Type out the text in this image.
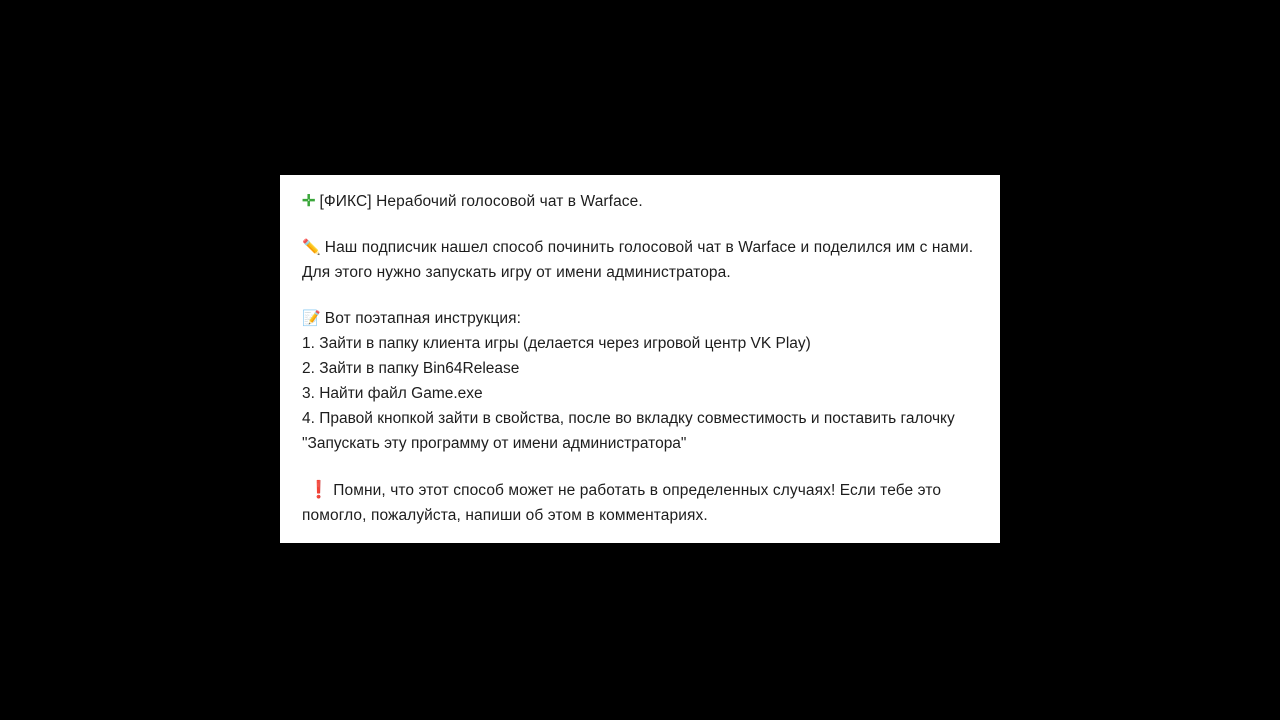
✛ [ФИКС] Нерабочий голосовой чат в Warface.

✏️ Наш подписчик нашел способ починить голосовой чат в Warface и поделился им с нами. Для этого нужно запускать игру от имени администратора.

📝 Вот поэтапная инструкция:

1. Зайти в папку клиента игры (делается через игровой центр VK Play)
2. Зайти в папку Bin64Release
3. Найти файл Game.exe
4. Правой кнопкой зайти в свойства, после во вкладку совместимость и поставить галочку "Запускать эту программу от имени администратора"

❗ Помни, что этот способ может не работать в определенных случаях! Если тебе это помогло, пожалуйста, напиши об этом в комментариях.
